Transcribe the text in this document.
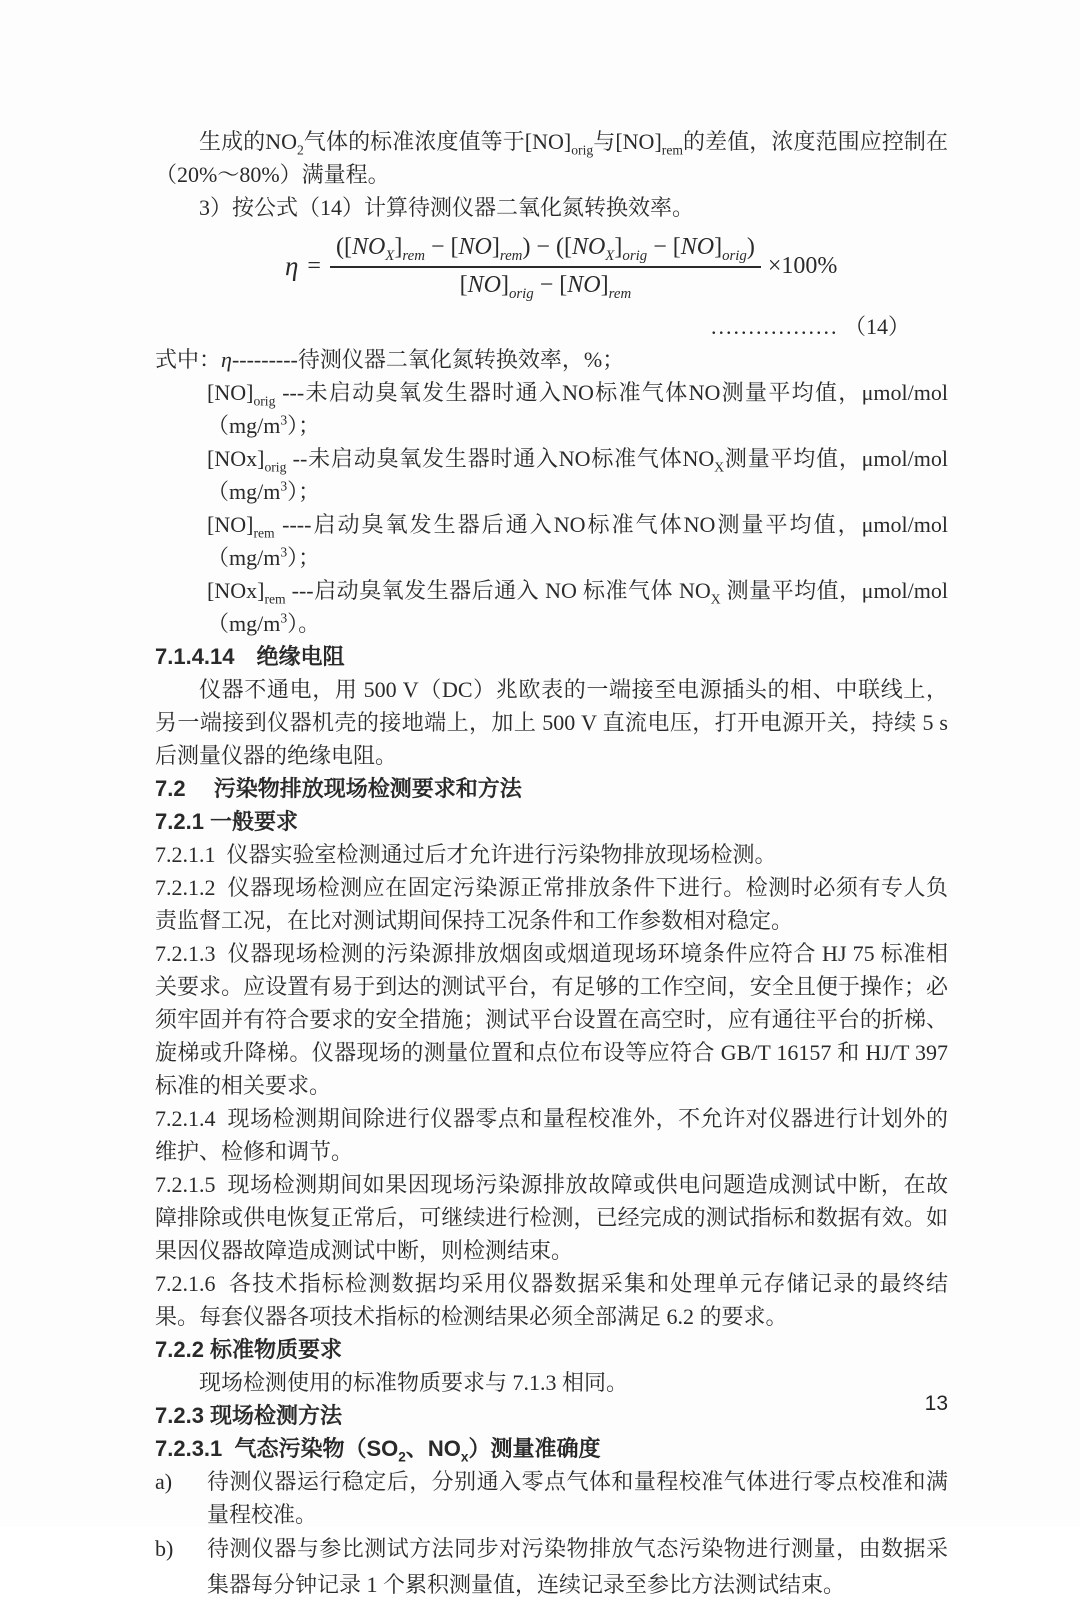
生成的$NO_2$气体的标准浓度值等于$[NO]_{orig}$与$[NO]_{rem}$的差值，浓度范围应控制在（20%～80%）满量程。

3）按公式（14）计算待测仪器二氧化氮转换效率。

$\eta = \frac{([NO_X]_{rem} - [NO]_{rem}) - ([NO_X]_{orig} - [NO]_{orig})}{[NO]_{orig} - [NO]_{rem}} \times 100\%$
................. （14）

式中：η---------待测仪器二氧化氮转换效率，%；

$[NO]_{orig}$ ---未启动臭氧发生器时通入NO标准气体NO测量平均值，μmol/$mol(mg/m^3)$；

$[NOx]_{orig}$ --未启动臭氧发生器时通入NO标准气体$NO_X$测量平均值，μmol/$mol(mg/m^3)$；

$[NO]_{rem}$ ----启动臭氧发生器后通入NO标准气体NO测量平均值，μmol/$mol(mg/m^3)$；

$[NOx]_{rem}$ ---启动臭氧发生器后通入 NO 标准气体 $NO_X$ 测量平均值，μmol/$mol(mg/m^3)$。

7.1.4.14　绝缘电阻

仪器不通电，用 500 V（DC）兆欧表的一端接至电源插头的相、中联线上，另一端接到仪器机壳的接地端上，加上 500 V 直流电压，打开电源开关，持续 5 s 后测量仪器的绝缘电阻。

7.2　 污染物排放现场检测要求和方法
7.2.1 一般要求

7.2.1.1  仪器实验室检测通过后才允许进行污染物排放现场检测。

7.2.1.2  仪器现场检测应在固定污染源正常排放条件下进行。检测时必须有专人负责监督工况，在比对测试期间保持工况条件和工作参数相对稳定。

7.2.1.3  仪器现场检测的污染源排放烟囱或烟道现场环境条件应符合 HJ 75 标准相关要求。应设置有易于到达的测试平台，有足够的工作空间，安全且便于操作；必须牢固并有符合要求的安全措施；测试平台设置在高空时，应有通往平台的折梯、旋梯或升降梯。仪器现场的测量位置和点位布设等应符合 GB/T 16157 和 HJ/T 397 标准的相关要求。

7.2.1.4  现场检测期间除进行仪器零点和量程校准外，不允许对仪器进行计划外的维护、检修和调节。

7.2.1.5  现场检测期间如果因现场污染源排放故障或供电问题造成测试中断，在故障排除或供电恢复正常后，可继续进行检测，已经完成的测试指标和数据有效。如果因仪器故障造成测试中断，则检测结束。

7.2.1.6  各技术指标检测数据均采用仪器数据采集和处理单元存储记录的最终结果。每套仪器各项技术指标的检测结果必须全部满足 6.2 的要求。

7.2.2 标准物质要求

现场检测使用的标准物质要求与 7.1.3 相同。

7.2.3 现场检测方法
7.2.3.1  气态污染物（$SO_2$、$NO_x$）测量准确度
a)	待测仪器运行稳定后，分别通入零点气体和量程校准气体进行零点校准和满量程校准。

b)	待测仪器与参比测试方法同步对污染物排放气态污染物进行测量，由数据采集器每分钟记录 1 个累积测量值，连续记录至参比方法测试结束。

13
